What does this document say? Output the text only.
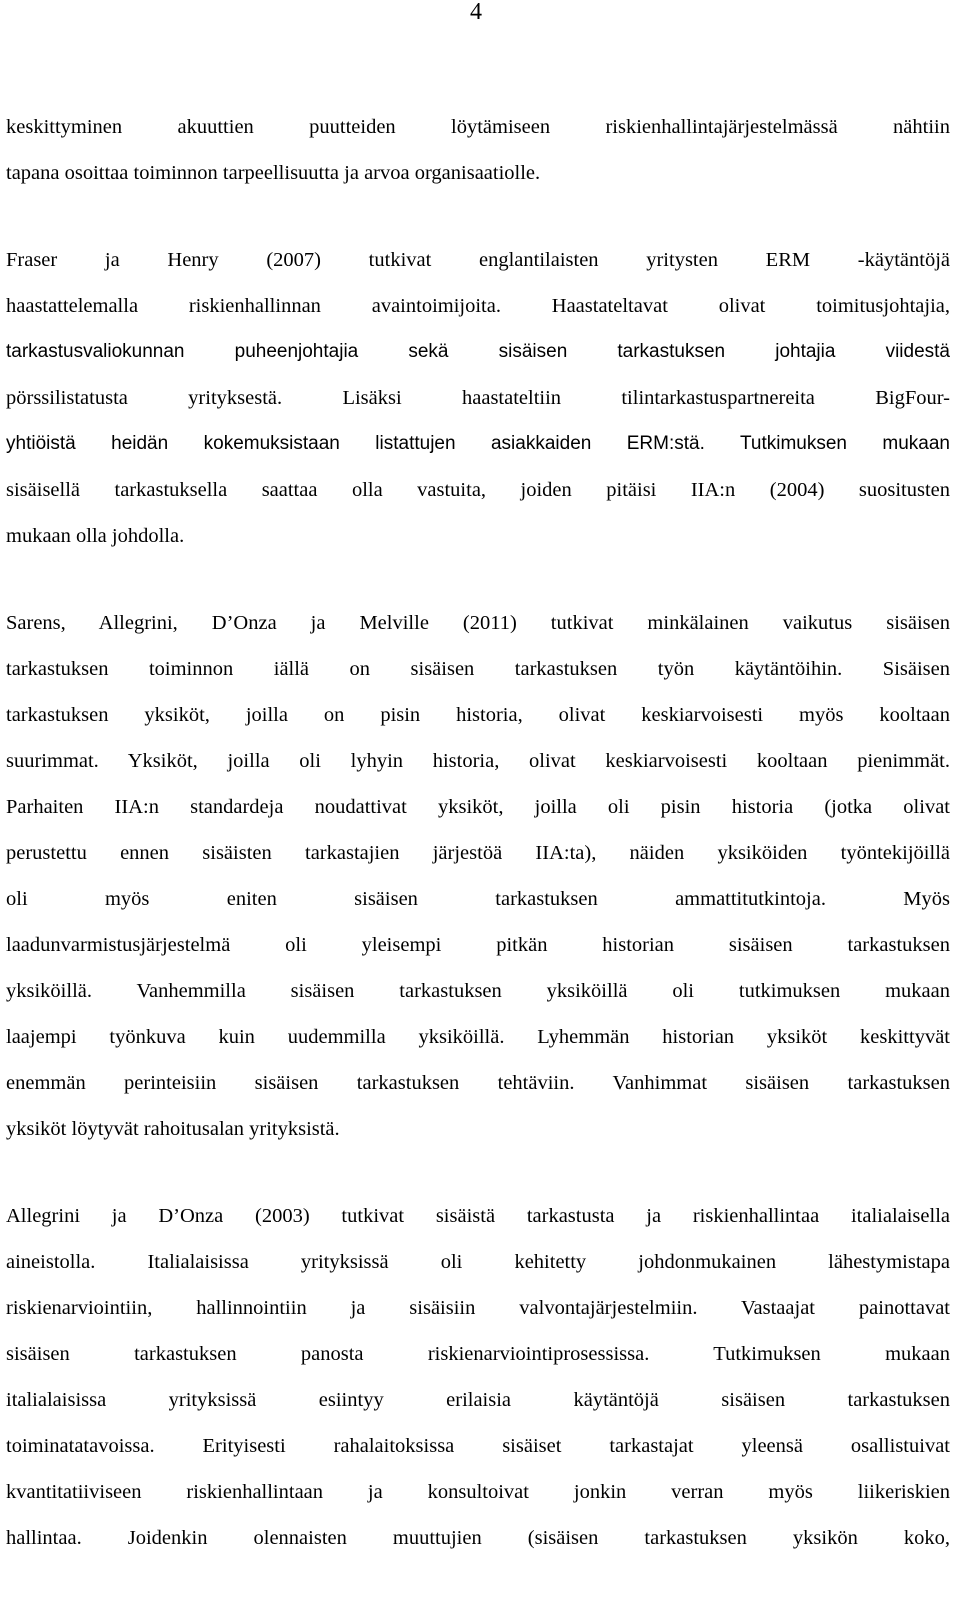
4

keskittyminen akuuttien puutteiden löytämiseen riskienhallintajärjestelmässä nähtiin
tapana osoittaa toiminnon tarpeellisuutta ja arvoa organisaatiolle.

Fraser ja Henry (2007) tutkivat englantilaisten yritysten ERM -käytäntöjä
haastattelemalla riskienhallinnan avaintoimijoita. Haastateltavat olivat toimitusjohtajia,
tarkastusvaliokunnan puheenjohtajia sekä sisäisen tarkastuksen johtajia viidestä
pörssilistatusta yrityksestä. Lisäksi haastateltiin tilintarkastuspartnereita BigFour-
yhtiöistä heidän kokemuksistaan listattujen asiakkaiden ERM:stä. Tutkimuksen mukaan
sisäisellä tarkastuksella saattaa olla vastuita, joiden pitäisi IIA:n (2004) suositusten
mukaan olla johdolla.

Sarens, Allegrini, D’Onza ja Melville (2011) tutkivat minkälainen vaikutus sisäisen
tarkastuksen toiminnon iällä on sisäisen tarkastuksen työn käytäntöihin. Sisäisen
tarkastuksen yksiköt, joilla on pisin historia, olivat keskiarvoisesti myös kooltaan
suurimmat. Yksiköt, joilla oli lyhyin historia, olivat keskiarvoisesti kooltaan pienimmät.
Parhaiten IIA:n standardeja noudattivat yksiköt, joilla oli pisin historia (jotka olivat
perustettu ennen sisäisten tarkastajien järjestöä IIA:ta), näiden yksiköiden työntekijöillä
oli myös eniten sisäisen tarkastuksen ammattitutkintoja. Myös
laadunvarmistusjärjestelmä oli yleisempi pitkän historian sisäisen tarkastuksen
yksiköillä. Vanhemmilla sisäisen tarkastuksen yksiköillä oli tutkimuksen mukaan
laajempi työnkuva kuin uudemmilla yksiköillä. Lyhemmän historian yksiköt keskittyvät
enemmän perinteisiin sisäisen tarkastuksen tehtäviin. Vanhimmat sisäisen tarkastuksen
yksiköt löytyvät rahoitusalan yrityksistä.

Allegrini ja D’Onza (2003) tutkivat sisäistä tarkastusta ja riskienhallintaa italialaisella
aineistolla. Italialaisissa yrityksissä oli kehitetty johdonmukainen lähestymistapa
riskienarviointiin, hallinnointiin ja sisäisiin valvontajärjestelmiin. Vastaajat painottavat
sisäisen tarkastuksen panosta riskienarviointiprosessissa. Tutkimuksen mukaan
italialaisissa yrityksissä esiintyy erilaisia käytäntöjä sisäisen tarkastuksen
toiminatatavoissa. Erityisesti rahalaitoksissa sisäiset tarkastajat yleensä osallistuivat
kvantitatiiviseen riskienhallintaan ja konsultoivat jonkin verran myös liikeriskien
hallintaa. Joidenkin olennaisten muuttujien (sisäisen tarkastuksen yksikön koko,
